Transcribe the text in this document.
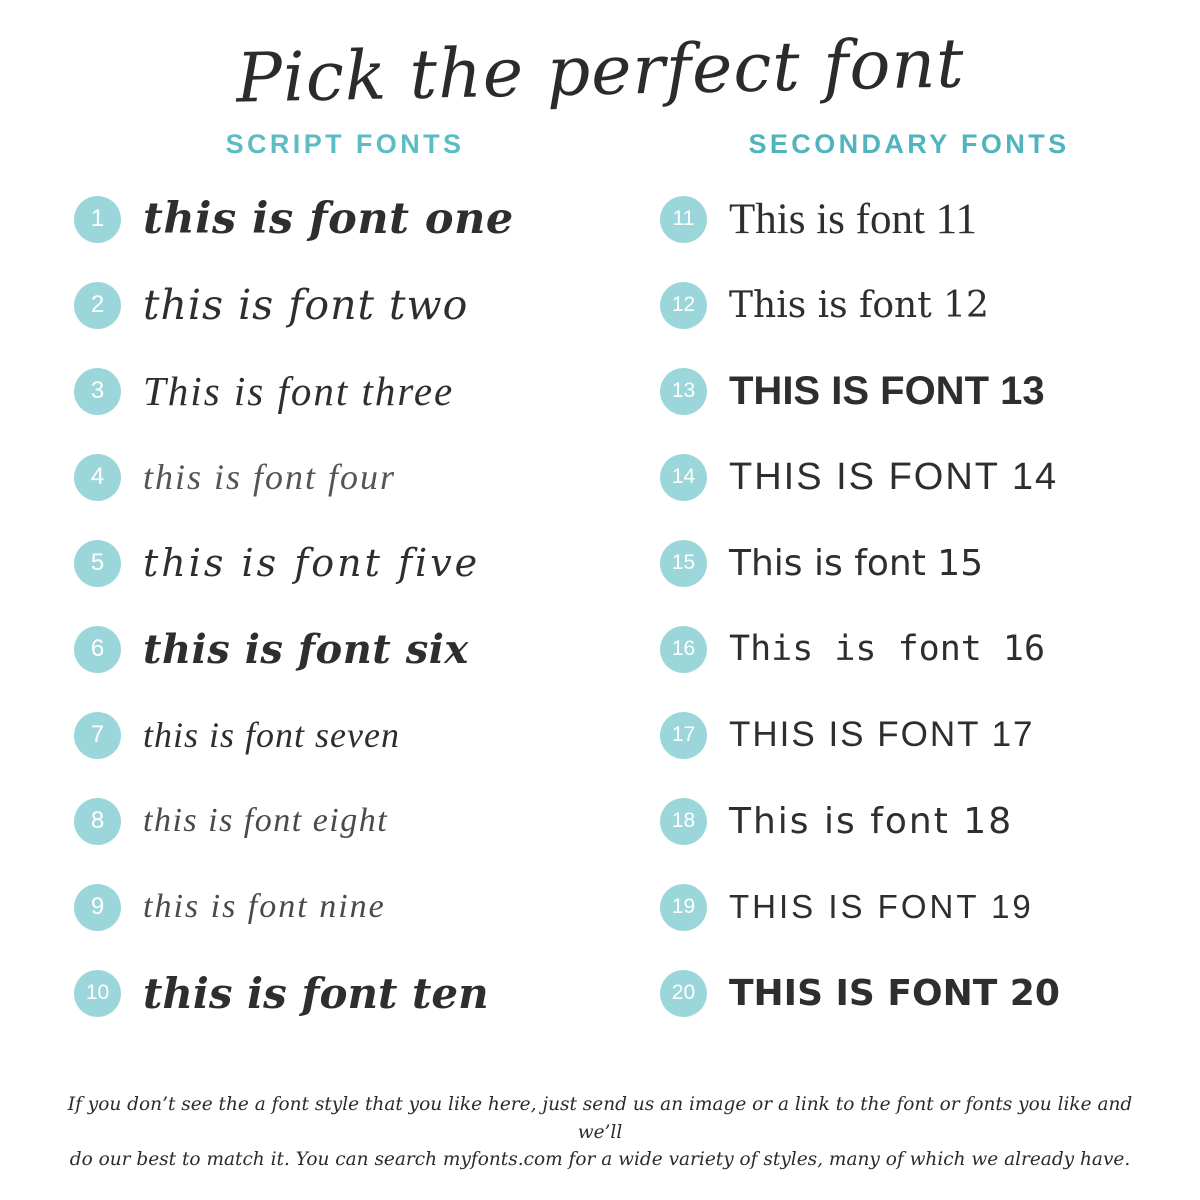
Pick the perfect font
SCRIPT FONTS
1 this is font one
2 this is font two
3 This is font three
4	this is font four
5	this is font five
6 this is font six
7	this is font seven
8	this is font eight
9	this is font nine
10 this is font ten
SECONDARY FONTS
11 This is font 11
12 This is font 12
13 THIS IS FONT 13
14 THIS IS FONT 14
15 This is font 15
16 This is font 16
17 THIS IS FONT 17
18 This is font 18
19	THIS IS FONT 19
20 THIS IS FONT 20
If you don’t see the a font style that you like here, just send us an image or a link to the font or fonts you like and we’ll
do our best to match it. You can search myfonts.com for a wide variety of styles, many of which we already have.
